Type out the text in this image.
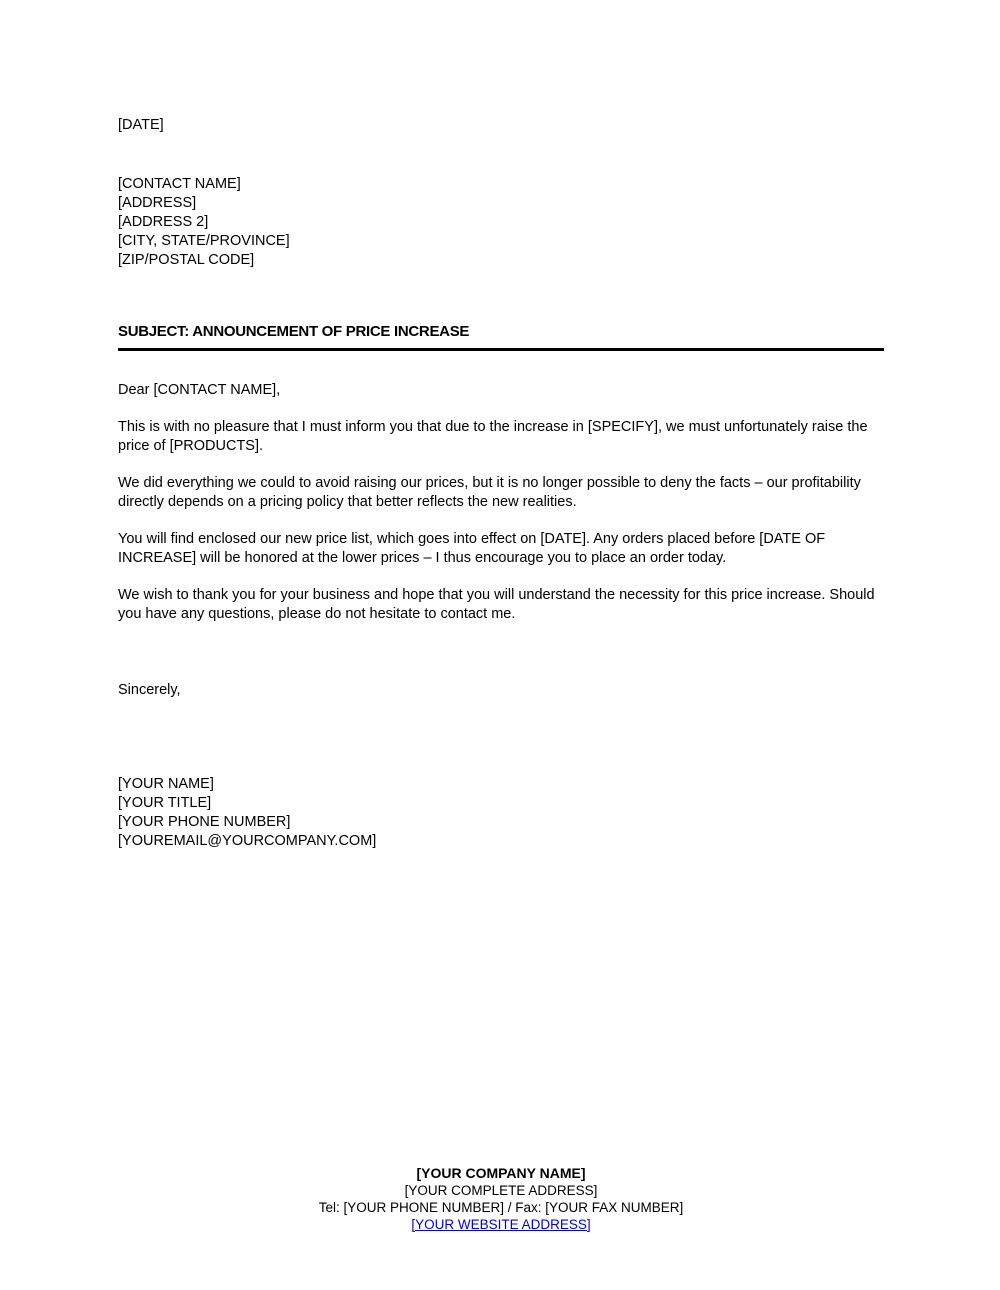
[DATE]
[CONTACT NAME]
[ADDRESS]
[ADDRESS 2]
[CITY, STATE/PROVINCE]
[ZIP/POSTAL CODE]
SUBJECT: ANNOUNCEMENT OF PRICE INCREASE
Dear [CONTACT NAME],

This is with no pleasure that I must inform you that due to the increase in [SPECIFY], we must unfortunately raise the price of [PRODUCTS].

We did everything we could to avoid raising our prices, but it is no longer possible to deny the facts – our profitability directly depends on a pricing policy that better reflects the new realities.

You will find enclosed our new price list, which goes into effect on [DATE]. Any orders placed before [DATE OF INCREASE] will be honored at the lower prices – I thus encourage you to place an order today.

We wish to thank you for your business and hope that you will understand the necessity for this price increase. Should you have any questions, please do not hesitate to contact me.

Sincerely,
[YOUR NAME]
[YOUR TITLE]
[YOUR PHONE NUMBER]
[YOUREMAIL@YOURCOMPANY.COM]
[YOUR COMPANY NAME]
[YOUR COMPLETE ADDRESS]
Tel: [YOUR PHONE NUMBER] / Fax: [YOUR FAX NUMBER]
[YOUR WEBSITE ADDRESS]
